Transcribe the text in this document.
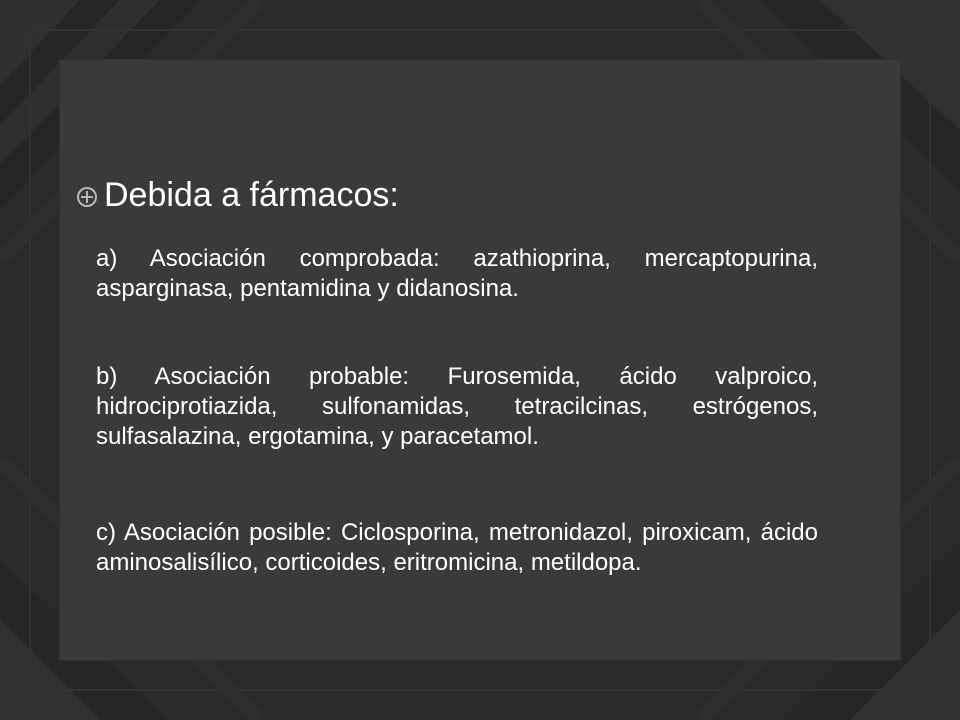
Debida a fármacos:
a) Asociación comprobada: azathioprina, mercaptopurina, asparginasa, pentamidina y didanosina.
b) Asociación probable: Furosemida, ácido valproico, hidrociprotiazida, sulfonamidas, tetracilcinas, estrógenos, sulfasalazina, ergotamina, y paracetamol.
c) Asociación posible: Ciclosporina, metronidazol, piroxicam, ácido aminosalisílico, corticoides, eritromicina, metildopa.
